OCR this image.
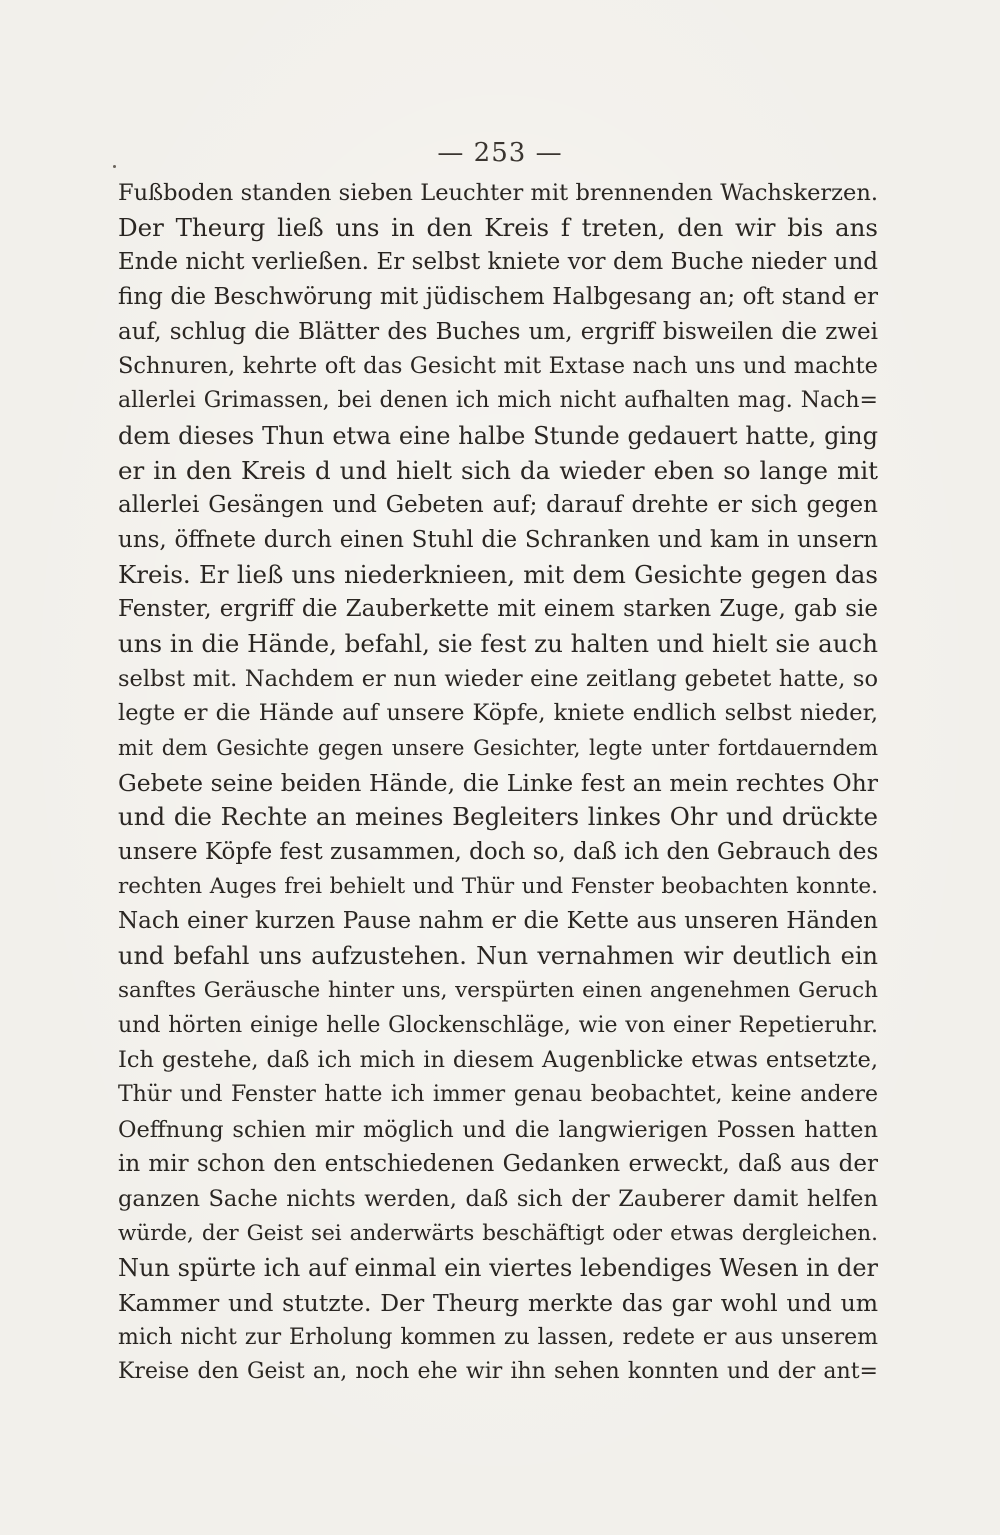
— 253 —
Fußboden standen sieben Leuchter mit brennenden Wachskerzen.
Der Theurg ließ uns in den Kreis f treten, den wir bis ans
Ende nicht verließen. Er selbst kniete vor dem Buche nieder und
fing die Beschwörung mit jüdischem Halbgesang an; oft stand er
auf, schlug die Blätter des Buches um, ergriff bisweilen die zwei
Schnuren, kehrte oft das Gesicht mit Extase nach uns und machte
allerlei Grimassen, bei denen ich mich nicht aufhalten mag. Nach=
dem dieses Thun etwa eine halbe Stunde gedauert hatte, ging
er in den Kreis d und hielt sich da wieder eben so lange mit
allerlei Gesängen und Gebeten auf; darauf drehte er sich gegen
uns, öffnete durch einen Stuhl die Schranken und kam in unsern
Kreis. Er ließ uns niederknieen, mit dem Gesichte gegen das
Fenster, ergriff die Zauberkette mit einem starken Zuge, gab sie
uns in die Hände, befahl, sie fest zu halten und hielt sie auch
selbst mit. Nachdem er nun wieder eine zeitlang gebetet hatte, so
legte er die Hände auf unsere Köpfe, kniete endlich selbst nieder,
mit dem Gesichte gegen unsere Gesichter, legte unter fortdauerndem
Gebete seine beiden Hände, die Linke fest an mein rechtes Ohr
und die Rechte an meines Begleiters linkes Ohr und drückte
unsere Köpfe fest zusammen, doch so, daß ich den Gebrauch des
rechten Auges frei behielt und Thür und Fenster beobachten konnte.
Nach einer kurzen Pause nahm er die Kette aus unseren Händen
und befahl uns aufzustehen. Nun vernahmen wir deutlich ein
sanftes Geräusche hinter uns, verspürten einen angenehmen Geruch
und hörten einige helle Glockenschläge, wie von einer Repetieruhr.
Ich gestehe, daß ich mich in diesem Augenblicke etwas entsetzte,
Thür und Fenster hatte ich immer genau beobachtet, keine andere
Oeffnung schien mir möglich und die langwierigen Possen hatten
in mir schon den entschiedenen Gedanken erweckt, daß aus der
ganzen Sache nichts werden, daß sich der Zauberer damit helfen
würde, der Geist sei anderwärts beschäftigt oder etwas dergleichen.
Nun spürte ich auf einmal ein viertes lebendiges Wesen in der
Kammer und stutzte. Der Theurg merkte das gar wohl und um
mich nicht zur Erholung kommen zu lassen, redete er aus unserem
Kreise den Geist an, noch ehe wir ihn sehen konnten und der ant=
